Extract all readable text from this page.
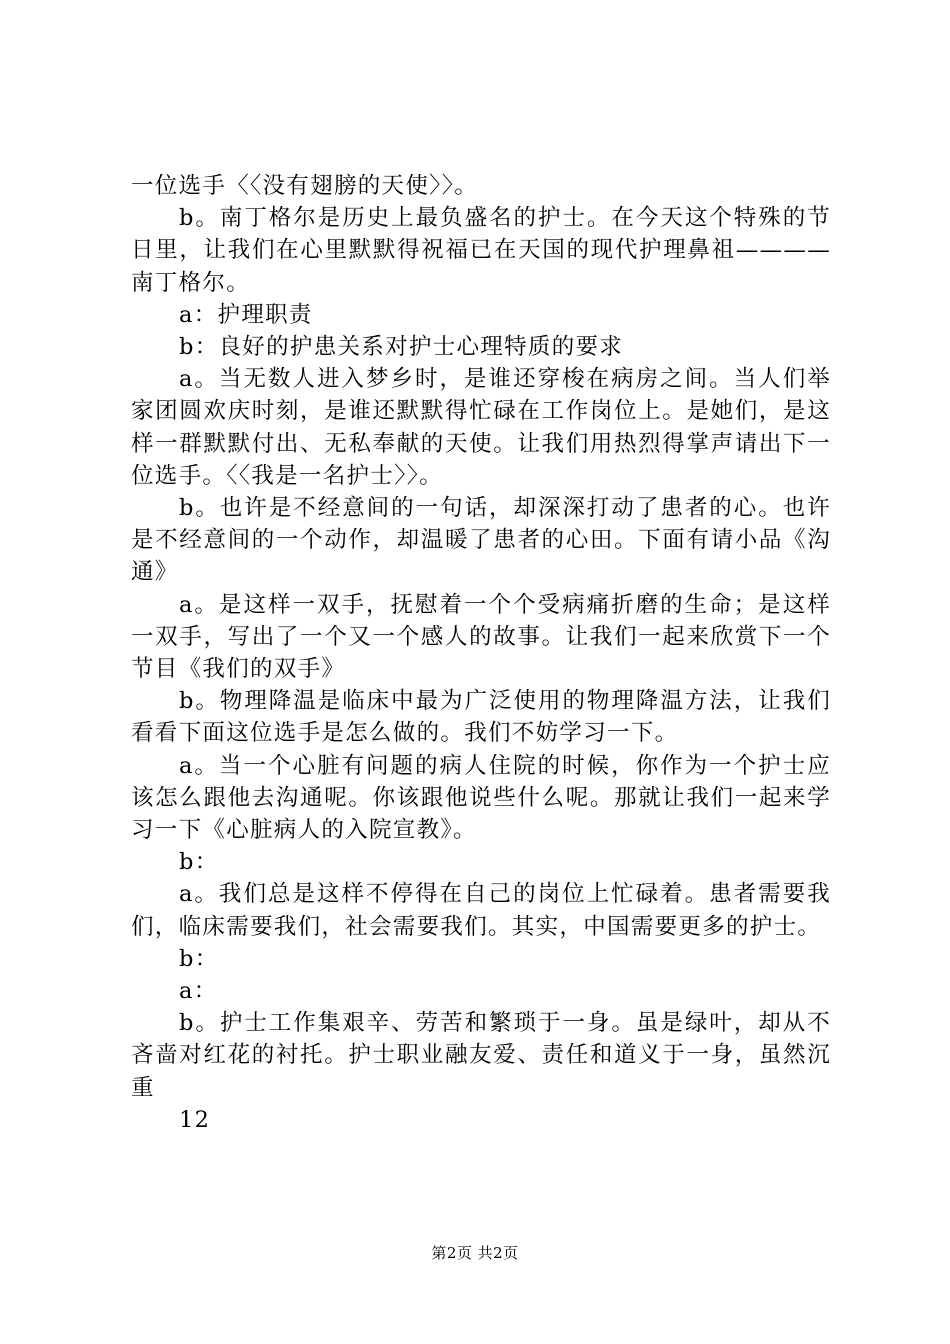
一位选手〈〈没有翅膀的天使〉〉。

b。南丁格尔是历史上最负盛名的护士。在今天这个特殊的节日里，让我们在心里默默得祝福已在天国的现代护理鼻祖————南丁格尔。

a：护理职责

b：良好的护患关系对护士心理特质的要求

a。当无数人进入梦乡时，是谁还穿梭在病房之间。当人们举家团圆欢庆时刻，是谁还默默得忙碌在工作岗位上。是她们，是这样一群默默付出、无私奉献的天使。让我们用热烈得掌声请出下一位选手。〈〈我是一名护士〉〉。

b。也许是不经意间的一句话，却深深打动了患者的心。也许是不经意间的一个动作，却温暖了患者的心田。下面有请小品《沟通》

a。是这样一双手，抚慰着一个个受病痛折磨的生命；是这样一双手，写出了一个又一个感人的故事。让我们一起来欣赏下一个节目《我们的双手》

b。物理降温是临床中最为广泛使用的物理降温方法，让我们看看下面这位选手是怎么做的。我们不妨学习一下。

a。当一个心脏有问题的病人住院的时候，你作为一个护士应该怎么跟他去沟通呢。你该跟他说些什么呢。那就让我们一起来学习一下《心脏病人的入院宣教》。

b：

a。我们总是这样不停得在自己的岗位上忙碌着。患者需要我们，临床需要我们，社会需要我们。其实，中国需要更多的护士。

b：

a：

b。护士工作集艰辛、劳苦和繁琐于一身。虽是绿叶，却从不吝啬对红花的衬托。护士职业融友爱、责任和道义于一身，虽然沉重

12

第2页 共2页
